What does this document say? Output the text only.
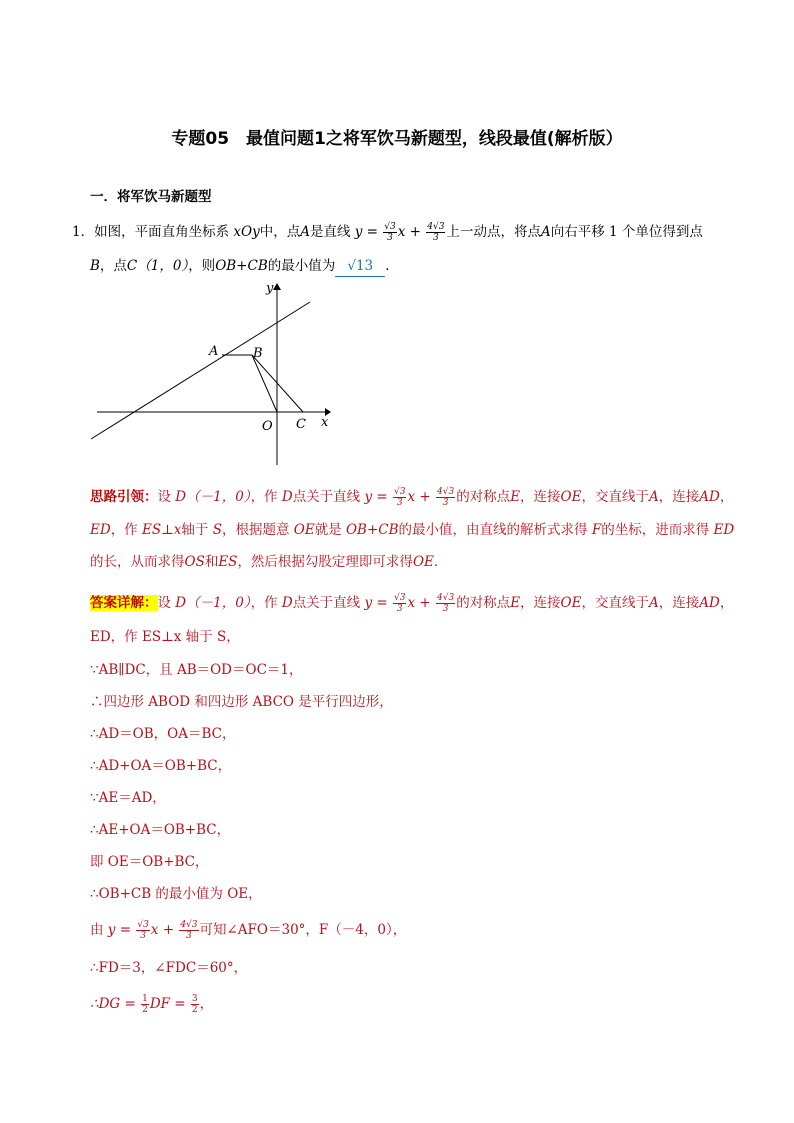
专题05　最值问题1之将军饮马新题型，线段最值(解析版）
一．将军饮马新题型
1．如图，平面直角坐标系 xOy中，点A是直线 $y = \frac{√3}{3}$ $x + \frac{4√3}{3}$ 上一动点，将点A向右平移 1 个单位得到点
B，点C（1，0），则OB+CB的最小值为 √13 ．
y
x
A	B
O C
思路引领：设 D（－1，0），作 D点关于直线 $y = \frac{√3}{3}$ $x + \frac{4√3}{3}$ 的对称点E，连接OE，交直线于A，连接AD，
ED，作 ES⊥x轴于 S，根据题意 OE就是 OB+CB的最小值，由直线的解析式求得 F的坐标，进而求得 ED
的长，从而求得OS和ES，然后根据勾股定理即可求得OE．
答案详解：设 D（－1，0），作 D点关于直线 $y = \frac{√3}{3}$ $x + \frac{4√3}{3}$ 的对称点E，连接OE，交直线于A，连接AD，
ED，作 ES⊥x 轴于 S，
∵AB∥DC，且 AB＝OD＝OC＝1，
∴四边形 ABOD 和四边形 ABCO 是平行四边形，
∴AD＝OB，OA＝BC，
∴AD+OA＝OB+BC，
∵AE＝AD，
∴AE+OA＝OB+BC，
即 OE＝OB+BC，
∴OB+CB 的最小值为 OE，
由 $y = \frac{√3}{3}$ $x + \frac{4√3}{3}$ 可知∠AFO＝30°，F（－4，0），
∴FD＝3，∠FDC＝60°，
∴DG = $\frac{1}{2}$ DF = $\frac{3}{2}$ ，
